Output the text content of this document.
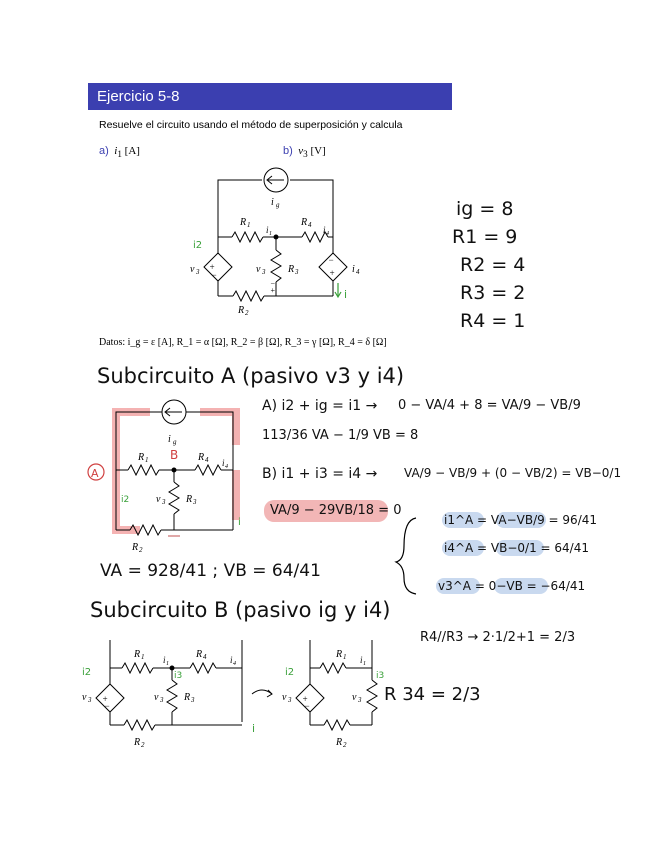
Ejercicio 5-8
Resuelve el circuito usando el método de superposición y calcula
a) $i_1$ [A]	b) $v_3$ [V]
+
−
−
+
−
+
i g
R 1	R 4
i 1	i 4
R 3
v 3
v 3	i 4
R 2
i2
i
ig = 8
R1 = 9
R2 = 4
R3 = 2
R4 = 1
Datos: i_g = ε [A], R_1 = α [Ω], R_2 = β [Ω], R_3 = γ [Ω], R_4 = δ [Ω]
Subcircuito A (pasivo v3 y i4)
i g
R 1	R 4 i 4
R 3
v 3
R 2
A
B
i2
i
A) i2 + ig = i1 → 0 − VA/4 + 8 = VA/9 − VB/9
113/36 VA − 1/9 VB = 8
B) i1 + i3 = i4 → VA/9 − VB/9 + (0 − VB/2) = VB−0/1
VA/9 − 29VB/18 = 0
i1^A = VA−VB/9 = 96/41
i4^A = VB−0/1 = 64/41
v3^A = 0−VB = −64/41
VA = 928/41 ; VB = 64/41
Subcircuito B (pasivo ig y i4)
+
−
+
−
R 1	R 4
i 1	i 4
R 3
v 3
v 3
R 2
R 1 i 1
v 3
v 3
R 2
i2	i3
i
i2	i3
R4//R3 → 2·1/2+1 = 2/3
R 34 = 2/3
